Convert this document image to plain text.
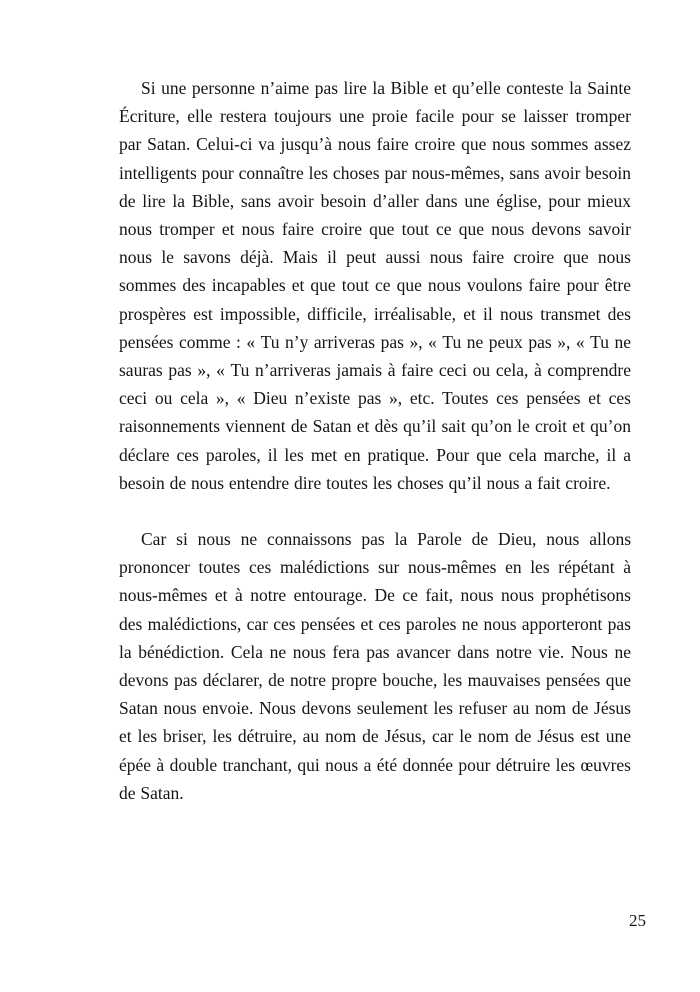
Si une personne n’aime pas lire la Bible et qu’elle conteste la Sainte Écriture, elle restera toujours une proie facile pour se laisser tromper par Satan. Celui-ci va jusqu’à nous faire croire que nous sommes assez intelligents pour connaître les choses par nous-mêmes, sans avoir besoin de lire la Bible, sans avoir besoin d’aller dans une église, pour mieux nous tromper et nous faire croire que tout ce que nous devons savoir nous le savons déjà. Mais il peut aussi nous faire croire que nous sommes des incapables et que tout ce que nous voulons faire pour être prospères est impossible, difficile, irréalisable, et il nous transmet des pensées comme : « Tu n’y arriveras pas », « Tu ne peux pas », « Tu ne sauras pas », « Tu n’arriveras jamais à faire ceci ou cela, à comprendre ceci ou cela », « Dieu n’existe pas », etc. Toutes ces pensées et ces raisonnements viennent de Satan et dès qu’il sait qu’on le croit et qu’on déclare ces paroles, il les met en pratique. Pour que cela marche, il a besoin de nous entendre dire toutes les choses qu’il nous a fait croire.

Car si nous ne connaissons pas la Parole de Dieu, nous allons prononcer toutes ces malédictions sur nous-mêmes en les répétant à nous-mêmes et à notre entourage. De ce fait, nous nous prophétisons des malédictions, car ces pensées et ces paroles ne nous apporteront pas la bénédiction. Cela ne nous fera pas avancer dans notre vie. Nous ne devons pas déclarer, de notre propre bouche, les mauvaises pensées que Satan nous envoie. Nous devons seulement les refuser au nom de Jésus et les briser, les détruire, au nom de Jésus, car le nom de Jésus est une épée à double tranchant, qui nous a été donnée pour détruire les œuvres de Satan.

25
